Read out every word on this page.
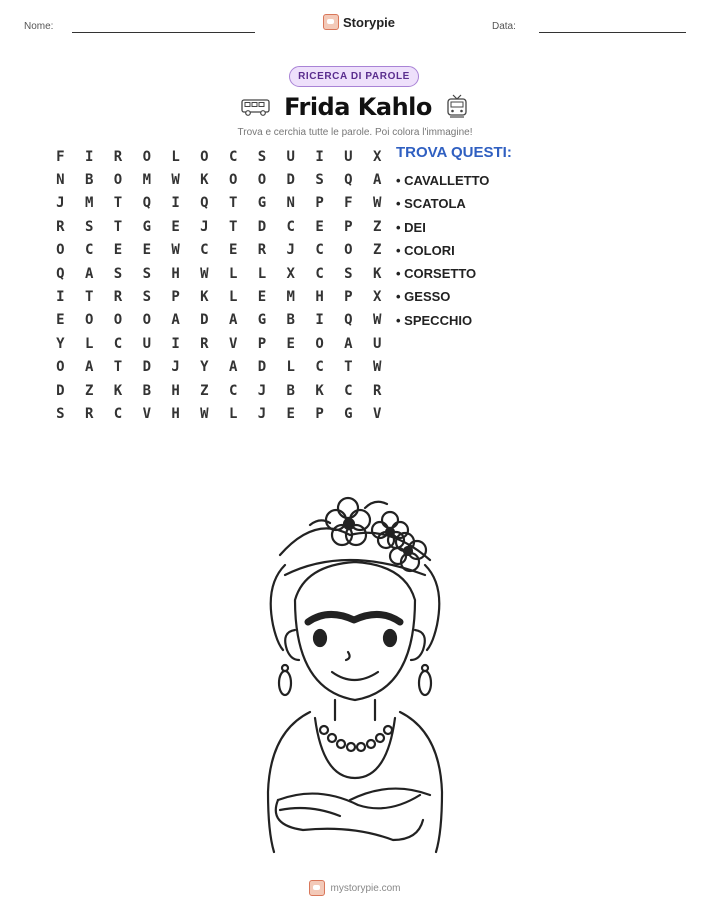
Nome:	Storypie	Data:
RICERCA DI PAROLE
Frida Kahlo
Trova e cerchia tutte le parole. Poi colora l'immagine!
F	I	R	O	L	O	C	S	U	I	U	X
N	B	O	M	W	K	O	O	D	S	Q	A
J	M	T	Q	I	Q	T	G	N	P	F	W
R	S	T	G	E	J	T	D	C	E	P	Z
O	C	E	E	W	C	E	R	J	C	O	Z
Q	A	S	S	H	W	L	L	X	C	S	K
I	T	R	S	P	K	L	E	M	H	P	X
E	O	O	O	A	D	A	G	B	I	Q	W
Y	L	C	U	I	R	V	P	E	O	A	U
O	A	T	D	J	Y	A	D	L	C	T	W
D	Z	K	B	H	Z	C	J	B	K	C	R
S	R	C	V	H	W	L	J	E	P	G	V
TROVA QUESTI:
• CAVALLETTO
• SCATOLA
• DEI
• COLORI
• CORSETTO
• GESSO
• SPECCHIO
mystorypie.com
